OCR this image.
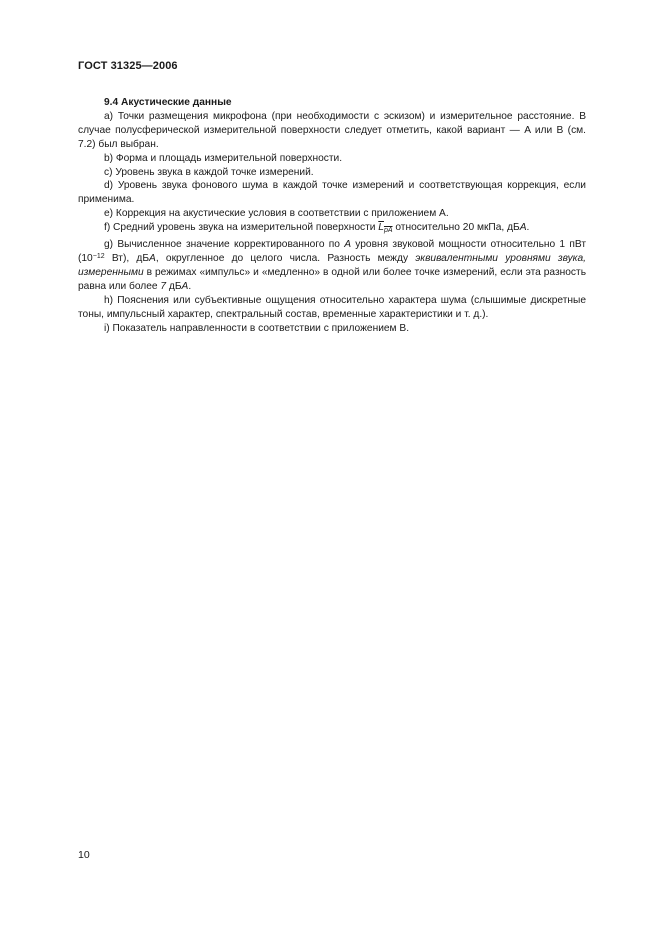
ГОСТ 31325—2006
9.4 Акустические данные

а) Точки размещения микрофона (при необходимости с эскизом) и измерительное расстояние. В случае полусферической измерительной поверхности следует отметить, какой вариант — A или B (см. 7.2) был выбран.

b) Форма и площадь измерительной поверхности.

c) Уровень звука в каждой точке измерений.

d) Уровень звука фонового шума в каждой точке измерений и соответствующая коррекция, если применима.

e) Коррекция на акустические условия в соответствии с приложением А.

f) Средний уровень звука на измерительной поверхности $L_{pA}$ относительно 20 мкПа, дБA.

g) Вычисленное значение корректированного по A уровня звуковой мощности относительно 1 пВт ($10^{-12}$ Вт), дБA, округленное до целого числа. Разность между эквивалентными уровнями звука, измеренными в режимах «импульс» и «медленно» в одной или более точке измерений, если эта разность равна или более 7 дБA.

h) Пояснения или субъективные ощущения относительно характера шума (слышимые дискретные тоны, импульсный характер, спектральный состав, временные характеристики и т. д.).

i) Показатель направленности в соответствии с приложением В.

10
